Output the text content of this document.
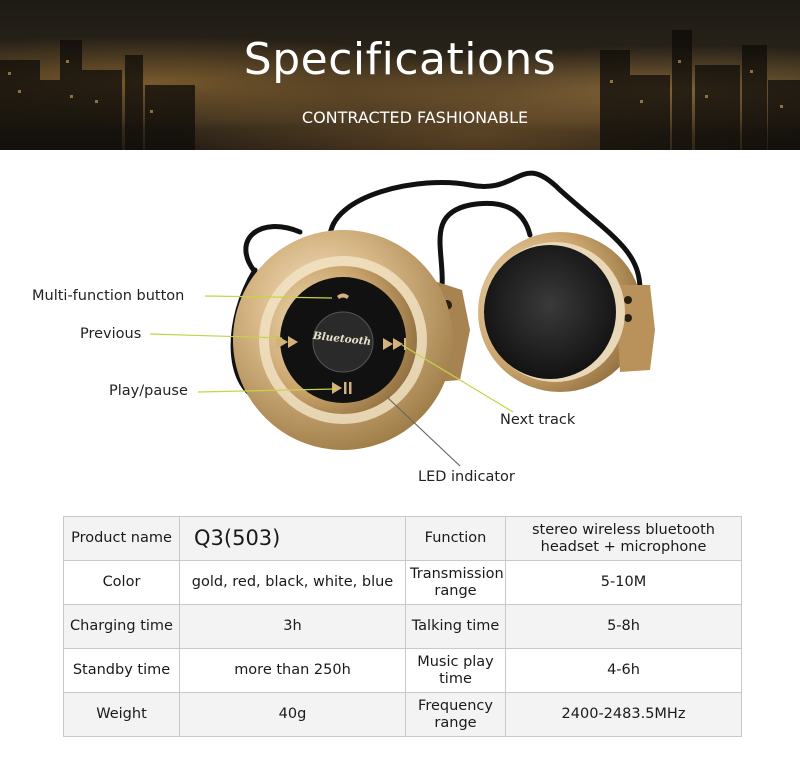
Specifications
CONTRACTED FASHIONABLE
Multi-function button
Previous
Play/pause
Next track
LED indicator
Bluetooth
Product name	Q3(503)	Function	stereo wireless bluetooth headset + microphone
Color	gold, red, black, white, blue	Transmission range	5-10M
Charging time	3h	Talking time	5-8h
Standby time	more than 250h	Music play time	4-6h
Weight	40g	Frequency range	2400-2483.5MHz
